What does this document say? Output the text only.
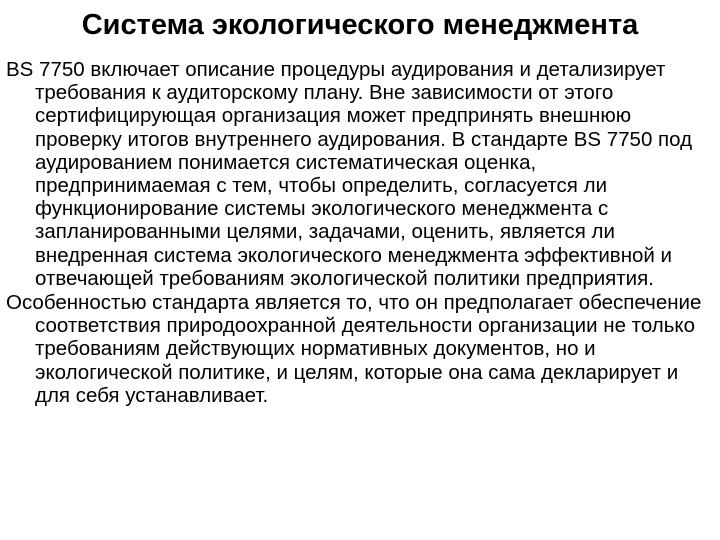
Система экологического менеджмента

BS 7750 включает описание процедуры аудирования и детализирует требования к аудиторскому плану. Вне зависимости от этого сертифицирующая организация может предпринять внешнюю проверку итогов внутреннего аудирования. В стандарте BS 7750 под аудированием понимается систематическая оценка, предпринимаемая с тем, чтобы определить, согласуется ли функционирование системы экологического менеджмента с запланированными целями, задачами, оценить, является ли внедренная система экологического менеджмента эффективной и отвечающей требованиям экологической политики предприятия.

Особенностью стандарта является то, что он предполагает обеспечение соответствия природоохранной деятельности организации не только требованиям действующих нормативных документов, но и экологической политике, и целям, которые она сама декларирует и для себя устанавливает.
